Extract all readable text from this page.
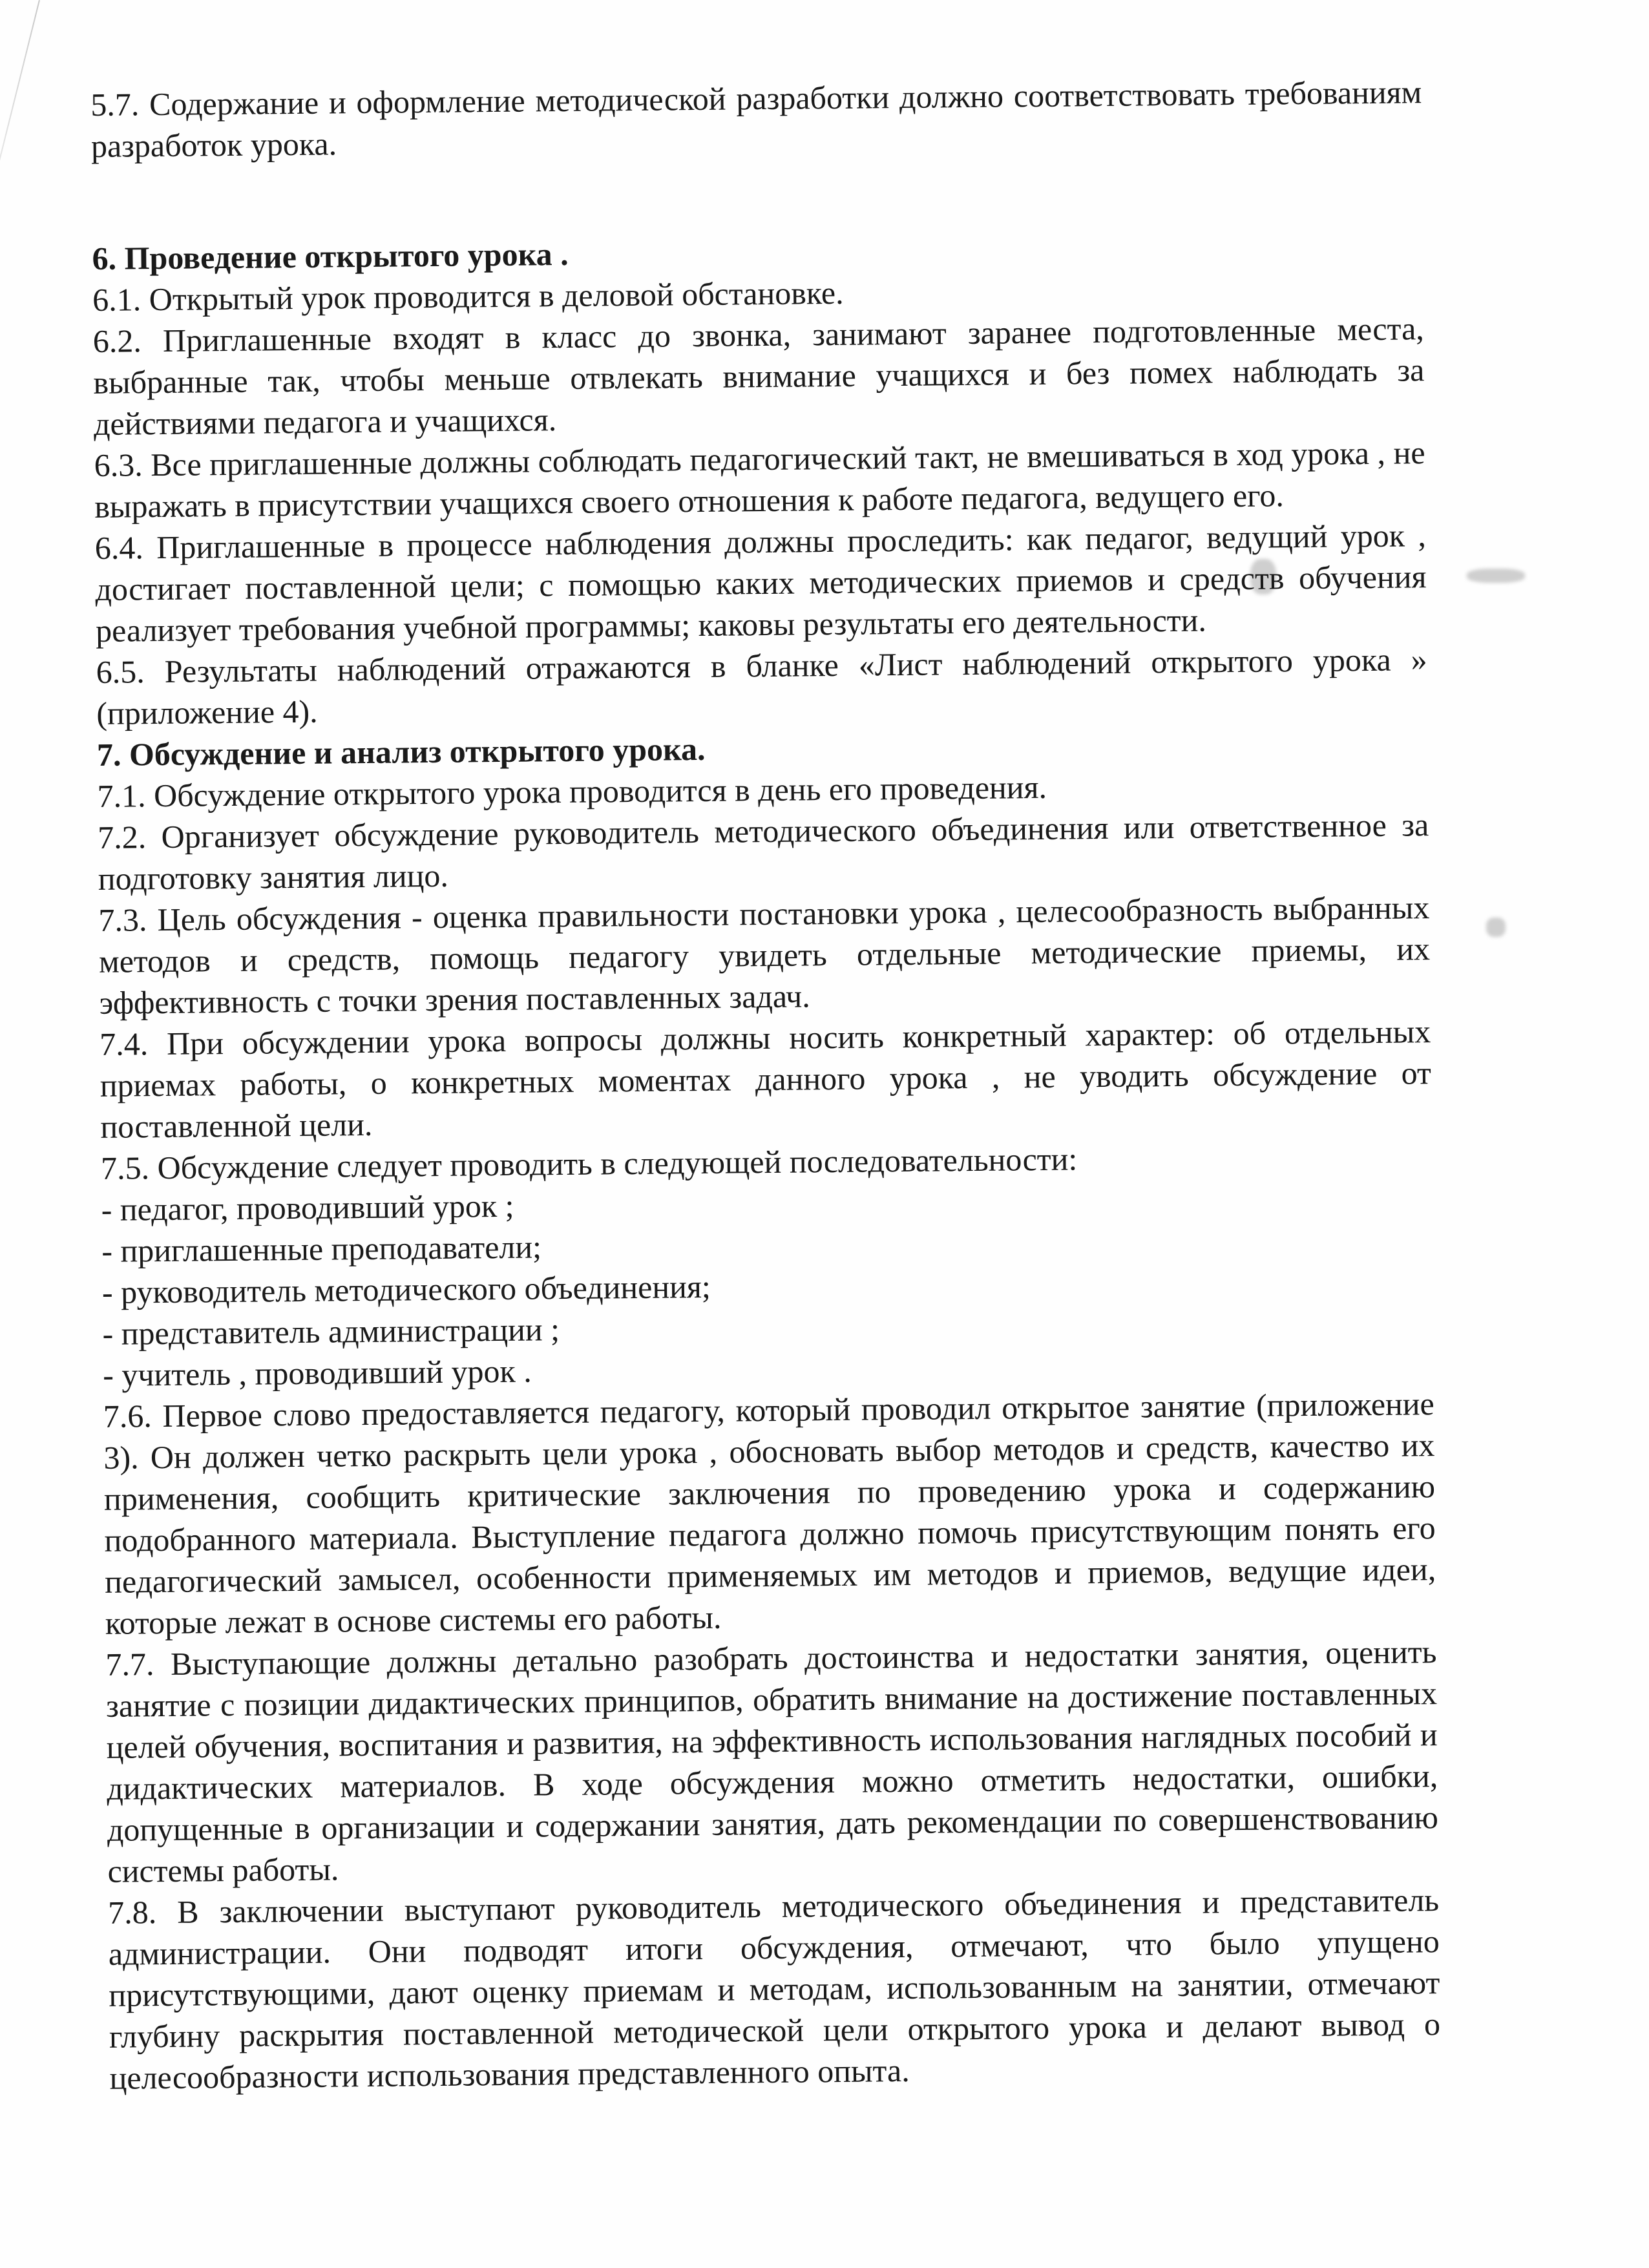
5.7. Содержание и оформление методической разработки должно соответствовать требованиям разработок урока.

6. Проведение открытого урока .

6.1. Открытый урок проводится в деловой обстановке.

6.2. Приглашенные входят в класс до звонка, занимают заранее подготовленные места, выбранные так, чтобы меньше отвлекать внимание учащихся и без помех наблюдать за действиями педагога и учащихся.

6.3. Все приглашенные должны соблюдать педагогический такт, не вмешиваться в ход урока , не выражать в присутствии учащихся своего отношения к работе педагога, ведущего его.

6.4. Приглашенные в процессе наблюдения должны проследить: как педагог, ведущий урок , достигает поставленной цели; с помощью каких методических приемов и средств обучения реализует требования учебной программы; каковы результаты его деятельности.

6.5. Результаты наблюдений отражаются в бланке «Лист наблюдений открытого урока » (приложение 4).

7. Обсуждение и анализ открытого урока.

7.1. Обсуждение открытого урока проводится в день его проведения.

7.2. Организует обсуждение руководитель методического объединения или ответственное за подготовку занятия лицо.

7.3. Цель обсуждения - оценка правильности постановки урока , целесообразность выбранных методов и средств, помощь педагогу увидеть отдельные методические приемы, их эффективность с точки зрения поставленных задач.

7.4. При обсуждении урока вопросы должны носить конкретный характер: об отдельных приемах работы, о конкретных моментах данного урока , не уводить обсуждение от поставленной цели.

7.5. Обсуждение следует проводить в следующей последовательности:

- педагог, проводивший урок ;

- приглашенные преподаватели;

- руководитель методического объединения;

- представитель администрации ;

- учитель , проводивший урок .

7.6. Первое слово предоставляется педагогу, который проводил открытое занятие (приложение 3). Он должен четко раскрыть цели урока , обосновать выбор методов и средств, качество их применения, сообщить критические заключения по проведению урока и содержанию подобранного материала. Выступление педагога должно помочь присутствующим понять его педагогический замысел, особенности применяемых им методов и приемов, ведущие идеи, которые лежат в основе системы его работы.

7.7. Выступающие должны детально разобрать достоинства и недостатки занятия, оценить занятие с позиции дидактических принципов, обратить внимание на достижение поставленных целей обучения, воспитания и развития, на эффективность использования наглядных пособий и дидактических материалов. В ходе обсуждения можно отметить недостатки, ошибки, допущенные в организации и содержании занятия, дать рекомендации по совершенствованию системы работы.

7.8. В заключении выступают руководитель методического объединения и представитель администрации. Они подводят итоги обсуждения, отмечают, что было упущено присутствующими, дают оценку приемам и методам, использованным на занятии, отмечают глубину раскрытия поставленной методической цели открытого урока и делают вывод о целесообразности использования представленного опыта.
